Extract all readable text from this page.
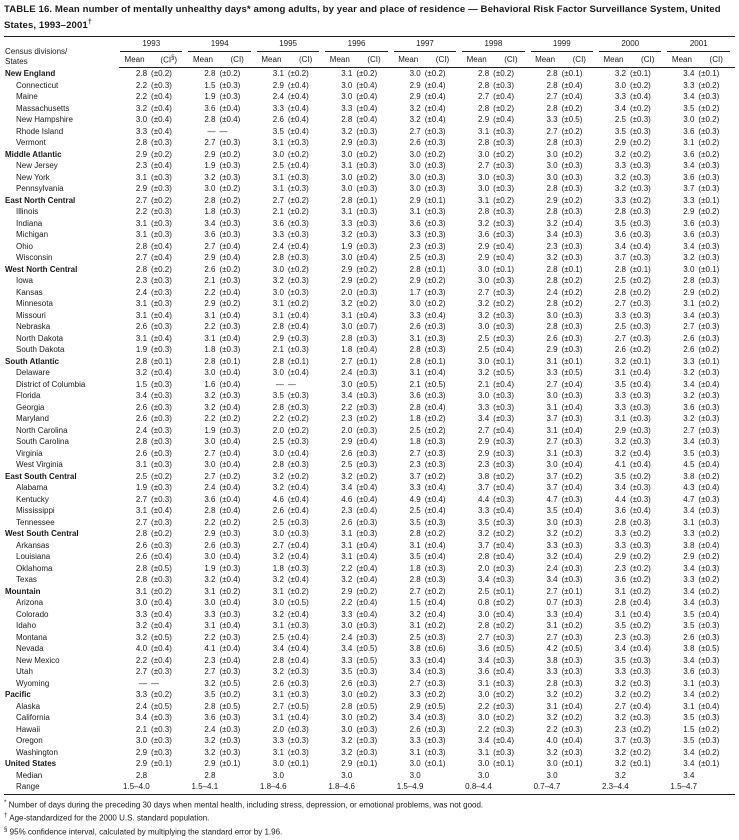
TABLE 16. Mean number of mentally unhealthy days* among adults, by year and place of residence — Behavioral Risk Factor Surveillance System, United States, 1993–2001†
Census divisions/
States	1993		1994		1995		1996		1997		1998		1999		2000		2001	

	Mean	(CI§)	Mean	(CI)	Mean	(CI)	Mean	(CI)	Mean	(CI)	Mean	(CI)	Mean	(CI)	Mean	(CI)	Mean	(CI)
New England	2.8	(±0.2)	2.8	(±0.2)	3.1	(±0.2)	3.1	(±0.2)	3.0	(±0.2)	2.8	(±0.2)	2.8	(±0.1)	3.2	(±0.1)	3.4	(±0.1)
Connecticut	2.2	(±0.3)	1.5	(±0.3)	2.9	(±0.4)	3.0	(±0.4)	2.9	(±0.4)	2.8	(±0.3)	2.8	(±0.4)	3.0	(±0.2)	3.3	(±0.2)
Maine	2.2	(±0.4)	1.9	(±0.3)	2.4	(±0.4)	3.0	(±0.4)	2.9	(±0.4)	2.7	(±0.4)	2.7	(±0.4)	3.3	(±0.4)	3.4	(±0.3)
Massachusetts	3.2	(±0.4)	3.6	(±0.4)	3.3	(±0.4)	3.3	(±0.4)	3.2	(±0.4)	2.8	(±0.2)	2.8	(±0.2)	3.4	(±0.2)	3.5	(±0.2)
New Hampshire	3.0	(±0.4)	2.8	(±0.4)	2.6	(±0.4)	2.8	(±0.4)	3.2	(±0.4)	2.9	(±0.4)	3.3	(±0.5)	2.5	(±0.3)	3.0	(±0.2)
Rhode Island	3.3	(±0.4)	—	—	3.5	(±0.4)	3.2	(±0.3)	2.7	(±0.3)	3.1	(±0.3)	2.7	(±0.2)	3.5	(±0.3)	3.6	(±0.3)
Vermont	2.8	(±0.3)	2.7	(±0.3)	3.1	(±0.3)	2.9	(±0.3)	2.6	(±0.3)	2.8	(±0.3)	2.8	(±0.3)	2.9	(±0.2)	3.1	(±0.2)
Middle Atlantic	2.9	(±0.2)	2.9	(±0.2)	3.0	(±0.2)	3.0	(±0.2)	3.0	(±0.2)	3.0	(±0.2)	3.0	(±0.2)	3.2	(±0.2)	3.6	(±0.2)
New Jersey	2.3	(±0.4)	1.9	(±0.3)	2.5	(±0.4)	3.1	(±0.3)	3.0	(±0.3)	2.7	(±0.3)	3.0	(±0.3)	3.3	(±0.3)	3.4	(±0.3)
New York	3.1	(±0.3)	3.2	(±0.3)	3.1	(±0.3)	3.0	(±0.2)	3.0	(±0.3)	3.0	(±0.3)	3.0	(±0.3)	3.2	(±0.3)	3.6	(±0.3)
Pennsylvania	2.9	(±0.3)	3.0	(±0.2)	3.1	(±0.3)	3.0	(±0.3)	3.0	(±0.3)	3.0	(±0.3)	2.8	(±0.3)	3.2	(±0.3)	3.7	(±0.3)
East North Central	2.7	(±0.2)	2.8	(±0.2)	2.7	(±0.2)	2.8	(±0.1)	2.9	(±0.1)	3.1	(±0.2)	2.9	(±0.2)	3.3	(±0.2)	3.3	(±0.1)
Illinois	2.2	(±0.3)	1.8	(±0.3)	2.1	(±0.2)	3.1	(±0.3)	3.1	(±0.3)	2.8	(±0.3)	2.8	(±0.3)	2.8	(±0.3)	2.9	(±0.2)
Indiana	3.1	(±0.3)	3.4	(±0.3)	3.6	(±0.3)	3.3	(±0.3)	3.6	(±0.3)	3.2	(±0.3)	3.2	(±0.4)	3.5	(±0.3)	3.6	(±0.3)
Michigan	3.1	(±0.3)	3.6	(±0.3)	3.3	(±0.3)	3.2	(±0.3)	3.3	(±0.3)	3.6	(±0.3)	3.4	(±0.3)	3.6	(±0.3)	3.6	(±0.3)
Ohio	2.8	(±0.4)	2.7	(±0.4)	2.4	(±0.4)	1.9	(±0.3)	2.3	(±0.3)	2.9	(±0.4)	2.3	(±0.3)	3.4	(±0.4)	3.4	(±0.3)
Wisconsin	2.7	(±0.4)	2.9	(±0.4)	2.8	(±0.3)	3.0	(±0.4)	2.5	(±0.3)	2.9	(±0.4)	3.2	(±0.3)	3.7	(±0.3)	3.2	(±0.3)
West North Central	2.8	(±0.2)	2.6	(±0.2)	3.0	(±0.2)	2.9	(±0.2)	2.8	(±0.1)	3.0	(±0.1)	2.8	(±0.1)	2.8	(±0.1)	3.0	(±0.1)
Iowa	2.3	(±0.3)	2.1	(±0.3)	3.2	(±0.3)	2.9	(±0.2)	2.9	(±0.2)	3.0	(±0.3)	2.8	(±0.2)	2.5	(±0.2)	2.8	(±0.3)
Kansas	2.4	(±0.3)	2.2	(±0.4)	3.0	(±0.3)	2.0	(±0.3)	1.7	(±0.3)	2.7	(±0.3)	2.4	(±0.2)	2.8	(±0.2)	2.9	(±0.2)
Minnesota	3.1	(±0.3)	2.9	(±0.2)	3.1	(±0.2)	3.2	(±0.2)	3.0	(±0.2)	3.2	(±0.2)	2.8	(±0.2)	2.7	(±0.3)	3.1	(±0.2)
Missouri	3.1	(±0.4)	3.1	(±0.4)	3.1	(±0.4)	3.1	(±0.4)	3.3	(±0.4)	3.2	(±0.3)	3.0	(±0.3)	3.3	(±0.3)	3.4	(±0.3)
Nebraska	2.6	(±0.3)	2.2	(±0.3)	2.8	(±0.4)	3.0	(±0.7)	2.6	(±0.3)	3.0	(±0.3)	2.8	(±0.3)	2.5	(±0.3)	2.7	(±0.3)
North Dakota	3.1	(±0.4)	3.1	(±0.4)	2.9	(±0.3)	2.8	(±0.3)	3.1	(±0.3)	2.5	(±0.3)	2.6	(±0.3)	2.7	(±0.3)	2.6	(±0.3)
South Dakota	1.9	(±0.3)	1.8	(±0.3)	2.1	(±0.3)	1.8	(±0.4)	2.8	(±0.3)	2.5	(±0.4)	2.9	(±0.3)	2.6	(±0.2)	2.6	(±0.2)
South Atlantic	2.8	(±0.1)	2.8	(±0.1)	2.8	(±0.1)	2.7	(±0.1)	2.8	(±0.1)	3.0	(±0.1)	3.1	(±0.1)	3.2	(±0.1)	3.3	(±0.1)
Delaware	3.2	(±0.4)	3.0	(±0.4)	3.0	(±0.4)	2.4	(±0.3)	3.1	(±0.4)	3.2	(±0.5)	3.3	(±0.5)	3.1	(±0.4)	3.2	(±0.3)
District of Columbia	1.5	(±0.3)	1.6	(±0.4)	—	—	3.0	(±0.5)	2.1	(±0.5)	2.1	(±0.4)	2.7	(±0.4)	3.5	(±0.4)	3.4	(±0.4)
Florida	3.4	(±0.3)	3.2	(±0.3)	3.5	(±0.3)	3.4	(±0.3)	3.6	(±0.3)	3.0	(±0.3)	3.0	(±0.3)	3.3	(±0.3)	3.2	(±0.3)
Georgia	2.6	(±0.3)	3.2	(±0.4)	2.8	(±0.3)	2.2	(±0.3)	2.8	(±0.4)	3.3	(±0.3)	3.1	(±0.4)	3.3	(±0.3)	3.6	(±0.3)
Maryland	2.6	(±0.3)	2.2	(±0.2)	2.2	(±0.2)	2.3	(±0.2)	1.8	(±0.2)	3.4	(±0.3)	3.7	(±0.3)	3.1	(±0.3)	3.2	(±0.3)
North Carolina	2.4	(±0.3)	1.9	(±0.3)	2.0	(±0.2)	2.0	(±0.3)	2.5	(±0.2)	2.7	(±0.4)	3.1	(±0.4)	2.9	(±0.3)	2.7	(±0.3)
South Carolina	2.8	(±0.3)	3.0	(±0.4)	2.5	(±0.3)	2.9	(±0.4)	1.8	(±0.3)	2.9	(±0.3)	2.7	(±0.3)	3.2	(±0.3)	3.4	(±0.3)
Virginia	2.6	(±0.3)	2.7	(±0.4)	3.0	(±0.4)	2.6	(±0.3)	2.7	(±0.3)	2.9	(±0.3)	3.1	(±0.3)	3.2	(±0.4)	3.5	(±0.3)
West Virginia	3.1	(±0.3)	3.0	(±0.4)	2.8	(±0.3)	2.5	(±0.3)	2.3	(±0.3)	2.3	(±0.3)	3.0	(±0.4)	4.1	(±0.4)	4.5	(±0.4)
East South Central	2.5	(±0.2)	2.7	(±0.2)	3.2	(±0.2)	3.2	(±0.2)	3.7	(±0.2)	3.8	(±0.2)	3.7	(±0.2)	3.5	(±0.2)	3.8	(±0.2)
Alabama	1.9	(±0.3)	2.4	(±0.4)	3.2	(±0.4)	3.4	(±0.4)	3.3	(±0.4)	3.7	(±0.4)	3.7	(±0.4)	3.4	(±0.3)	4.3	(±0.4)
Kentucky	2.7	(±0.3)	3.6	(±0.4)	4.6	(±0.4)	4.6	(±0.4)	4.9	(±0.4)	4.4	(±0.3)	4.7	(±0.3)	4.4	(±0.3)	4.7	(±0.3)
Mississippi	3.1	(±0.4)	2.8	(±0.4)	2.6	(±0.4)	2.3	(±0.4)	2.5	(±0.4)	3.3	(±0.4)	3.5	(±0.4)	3.6	(±0.4)	3.4	(±0.3)
Tennessee	2.7	(±0.3)	2.2	(±0.2)	2.5	(±0.3)	2.6	(±0.3)	3.5	(±0.3)	3.5	(±0.3)	3.0	(±0.3)	2.8	(±0.3)	3.1	(±0.3)
West South Central	2.8	(±0.2)	2.9	(±0.3)	3.0	(±0.3)	3.1	(±0.3)	2.8	(±0.2)	3.2	(±0.2)	3.2	(±0.2)	3.3	(±0.2)	3.3	(±0.2)
Arkansas	2.6	(±0.3)	2.6	(±0.3)	2.7	(±0.4)	3.1	(±0.4)	3.1	(±0.4)	3.7	(±0.4)	3.3	(±0.3)	3.3	(±0.3)	3.8	(±0.4)
Louisiana	2.6	(±0.4)	3.0	(±0.4)	3.2	(±0.4)	3.1	(±0.4)	3.5	(±0.4)	2.8	(±0.4)	3.2	(±0.4)	2.9	(±0.2)	2.9	(±0.2)
Oklahoma	2.8	(±0.5)	1.9	(±0.3)	1.8	(±0.3)	2.2	(±0.4)	1.8	(±0.3)	2.0	(±0.3)	2.4	(±0.3)	2.3	(±0.2)	3.4	(±0.3)
Texas	2.8	(±0.3)	3.2	(±0.4)	3.2	(±0.4)	3.2	(±0.4)	2.8	(±0.3)	3.4	(±0.3)	3.4	(±0.3)	3.6	(±0.2)	3.3	(±0.2)
Mountain	3.1	(±0.2)	3.1	(±0.2)	3.1	(±0.2)	2.9	(±0.2)	2.7	(±0.2)	2.5	(±0.1)	2.7	(±0.1)	3.1	(±0.2)	3.4	(±0.2)
Arizona	3.0	(±0.4)	3.0	(±0.4)	3.0	(±0.5)	2.2	(±0.4)	1.5	(±0.4)	0.8	(±0.2)	0.7	(±0.3)	2.8	(±0.4)	3.4	(±0.3)
Colorado	3.3	(±0.4)	3.3	(±0.3)	3.2	(±0.4)	3.3	(±0.4)	3.2	(±0.4)	3.0	(±0.4)	3.3	(±0.4)	3.1	(±0.4)	3.5	(±0.4)
Idaho	3.2	(±0.4)	3.1	(±0.4)	3.1	(±0.3)	3.0	(±0.3)	3.1	(±0.2)	2.8	(±0.2)	3.1	(±0.2)	3.5	(±0.2)	3.5	(±0.3)
Montana	3.2	(±0.5)	2.2	(±0.3)	2.5	(±0.4)	2.4	(±0.3)	2.5	(±0.3)	2.7	(±0.3)	2.7	(±0.3)	2.3	(±0.3)	2.6	(±0.3)
Nevada	4.0	(±0.4)	4.1	(±0.4)	3.4	(±0.4)	3.4	(±0.5)	3.8	(±0.6)	3.6	(±0.5)	4.2	(±0.5)	3.4	(±0.4)	3.8	(±0.5)
New Mexico	2.2	(±0.4)	2.3	(±0.4)	2.8	(±0.4)	3.3	(±0.5)	3.3	(±0.4)	3.4	(±0.3)	3.8	(±0.3)	3.5	(±0.3)	3.4	(±0.3)
Utah	2.7	(±0.3)	2.7	(±0.3)	3.2	(±0.3)	3.5	(±0.3)	3.4	(±0.3)	3.6	(±0.4)	3.3	(±0.3)	3.3	(±0.3)	3.6	(±0.3)
Wyoming	—	—	3.2	(±0.5)	2.6	(±0.3)	2.6	(±0.3)	2.7	(±0.3)	3.1	(±0.3)	2.8	(±0.3)	3.2	(±0.3)	3.1	(±0.3)
Pacific	3.3	(±0.2)	3.5	(±0.2)	3.1	(±0.3)	3.0	(±0.2)	3.3	(±0.2)	3.0	(±0.2)	3.2	(±0.2)	3.2	(±0.2)	3.4	(±0.2)
Alaska	2.4	(±0.5)	2.8	(±0.5)	2.7	(±0.5)	2.8	(±0.5)	2.9	(±0.5)	2.2	(±0.3)	3.1	(±0.4)	2.7	(±0.4)	3.1	(±0.4)
California	3.4	(±0.3)	3.6	(±0.3)	3.1	(±0.4)	3.0	(±0.2)	3.4	(±0.3)	3.0	(±0.2)	3.2	(±0.2)	3.2	(±0.3)	3.5	(±0.3)
Hawaii	2.1	(±0.3)	2.4	(±0.3)	2.0	(±0.3)	3.0	(±0.3)	2.6	(±0.3)	2.2	(±0.3)	2.2	(±0.3)	2.3	(±0.2)	1.5	(±0.2)
Oregon	3.0	(±0.3)	3.2	(±0.3)	3.3	(±0.3)	3.2	(±0.3)	3.3	(±0.3)	3.4	(±0.4)	4.0	(±0.4)	3.7	(±0.3)	3.5	(±0.3)
Washington	2.9	(±0.3)	3.2	(±0.3)	3.1	(±0.3)	3.2	(±0.3)	3.1	(±0.3)	3.1	(±0.3)	3.2	(±0.3)	3.2	(±0.2)	3.4	(±0.2)
United States	2.9	(±0.1)	2.9	(±0.1)	3.0	(±0.1)	2.9	(±0.1)	3.0	(±0.1)	3.0	(±0.1)	3.0	(±0.1)	3.2	(±0.1)	3.4	(±0.1)
Median	2.8		2.8		3.0		3.0		3.0		3.0		3.0		3.2		3.4	
Range	1.5–4.0		1.5–4.1		1.8–4.6		1.8–4.6		1.5–4.9		0.8–4.4		0.7–4.7		2.3–4.4		1.5–4.7	
* Number of days during the preceding 30 days when mental health, including stress, depression, or emotional problems, was not good.
† Age-standardized for the 2000 U.S. standard population.
§ 95% confidence interval, calculated by multiplying the standard error by 1.96.
